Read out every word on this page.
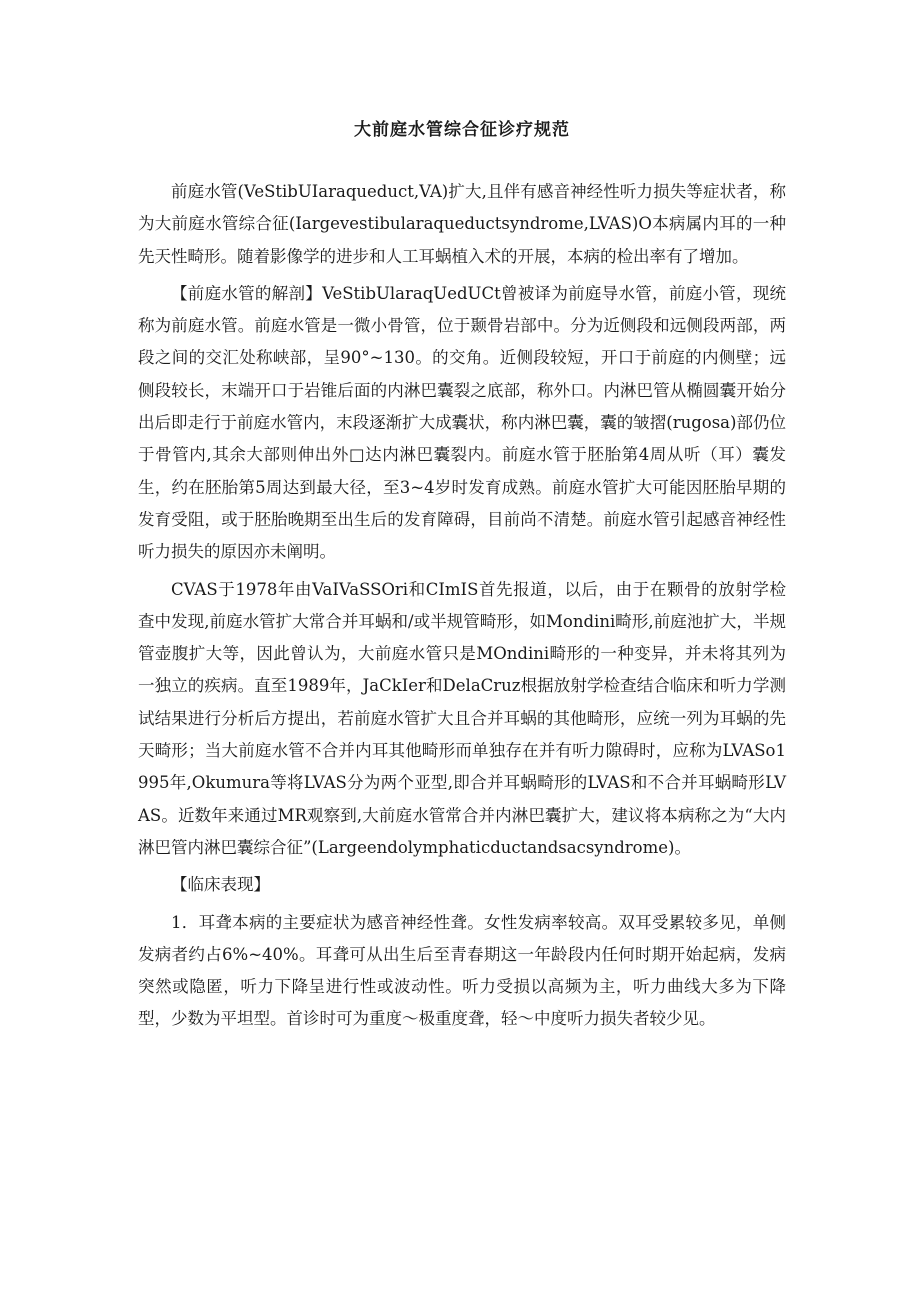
大前庭水管综合征诊疗规范

前庭水管(VeStibUIaraqueduct,VA)扩大,且伴有感音神经性听力损失等症状者，称为大前庭水管综合征(Iargevestibularaqueductsyndrome,LVAS)O本病属内耳的一种先天性畸形。随着影像学的进步和人工耳蜗植入术的开展，本病的检出率有了增加。

【前庭水管的解剖】VeStibUlaraqUedUCt曾被译为前庭导水管，前庭小管，现统称为前庭水管。前庭水管是一微小骨管，位于颞骨岩部中。分为近侧段和远侧段两部，两段之间的交汇处称峡部，呈90°~130。的交角。近侧段较短，开口于前庭的内侧壁；远侧段较长，末端开口于岩锥后面的内淋巴囊裂之底部，称外口。内淋巴管从椭圆囊开始分出后即走行于前庭水管内，末段逐渐扩大成囊状，称内淋巴囊，囊的皱摺(rugosa)部仍位于骨管内,其余大部则伸出外□达内淋巴囊裂内。前庭水管于胚胎第4周从听（耳）囊发生，约在胚胎第5周达到最大径，至3~4岁时发育成熟。前庭水管扩大可能因胚胎早期的发育受阻，或于胚胎晚期至出生后的发育障碍，目前尚不清楚。前庭水管引起感音神经性听力损失的原因亦未阐明。

CVAS于1978年由VaIVaSSOri和CImIS首先报道，以后，由于在颗骨的放射学检查中发现,前庭水管扩大常合并耳蜗和/或半规管畸形，如Mondini畸形,前庭池扩大，半规管壶腹扩大等，因此曾认为，大前庭水管只是MOndini畸形的一种变异，并未将其列为一独立的疾病。直至1989年，JaCkIer和DelaCruz根据放射学检查结合临床和听力学测试结果进行分析后方提出，若前庭水管扩大且合并耳蜗的其他畸形，应统一列为耳蜗的先天畸形；当大前庭水管不合并内耳其他畸形而单独存在并有听力隙碍时，应称为LVASo1995年,Okumura等将LVAS分为两个亚型,即合并耳蜗畸形的LVAS和不合并耳蜗畸形LVAS。近数年来通过MR观察到,大前庭水管常合并内淋巴囊扩大，建议将本病称之为“大内淋巴管内淋巴囊综合征”(Largeendolymphaticductandsacsyndrome)。

【临床表现】

1．耳聋本病的主要症状为感音神经性聋。女性发病率较高。双耳受累较多见，单侧发病者约占6%~40%。耳聋可从出生后至青春期这一年龄段内任何时期开始起病，发病突然或隐匿，听力下降呈进行性或波动性。听力受损以高频为主，听力曲线大多为下降型，少数为平坦型。首诊时可为重度～极重度聋，轻～中度听力损失者较少见。
